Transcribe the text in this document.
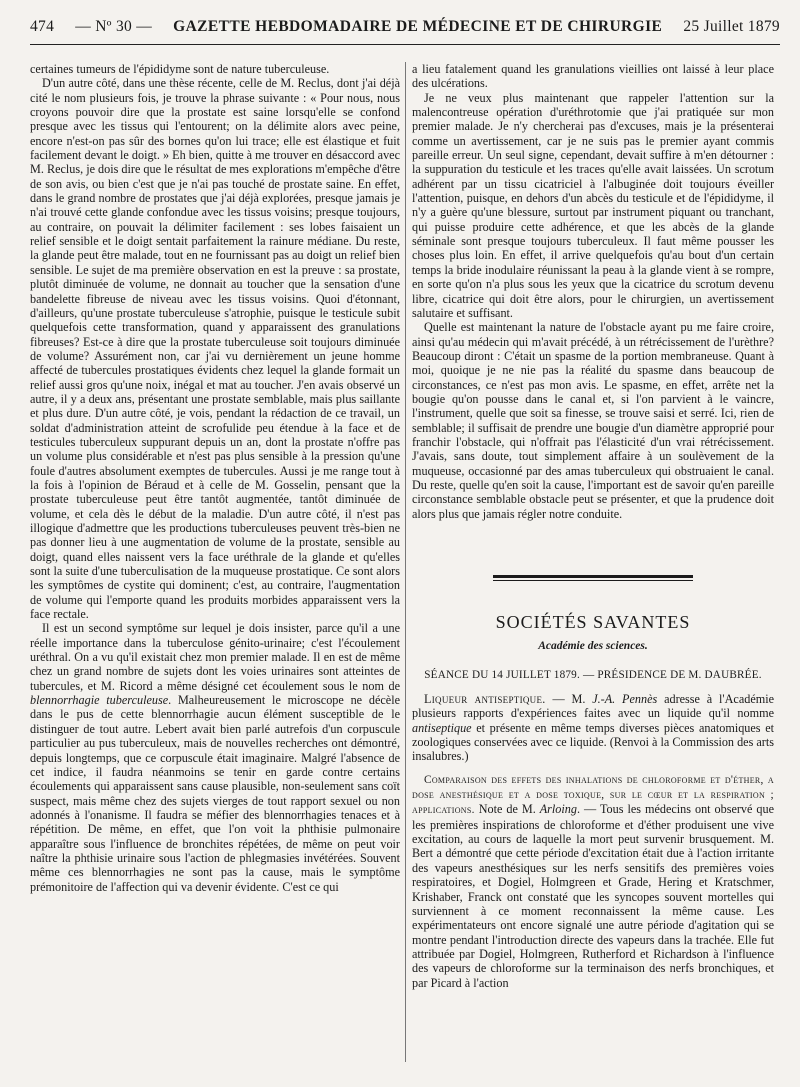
474 — Nº 30 — GAZETTE HEBDOMADAIRE DE MÉDECINE ET DE CHIRURGIE 25 Juillet 1879

certaines tumeurs de l'épididyme sont de nature tuberculeuse.

D'un autre côté, dans une thèse récente, celle de M. Reclus, dont j'ai déjà cité le nom plusieurs fois, je trouve la phrase suivante : « Pour nous, nous croyons pouvoir dire que la prostate est saine lorsqu'elle se confond presque avec les tissus qui l'entourent; on la délimite alors avec peine, encore n'est-on pas sûr des bornes qu'on lui trace; elle est élastique et fuit facilement devant le doigt. » Eh bien, quitte à me trouver en désaccord avec M. Reclus, je dois dire que le résultat de mes explorations m'empêche d'être de son avis, ou bien c'est que je n'ai pas touché de prostate saine. En effet, dans le grand nombre de prostates que j'ai déjà explorées, presque jamais je n'ai trouvé cette glande confondue avec les tissus voisins; presque toujours, au contraire, on pouvait la délimiter facilement : ses lobes faisaient un relief sensible et le doigt sentait parfaitement la rainure médiane. Du reste, la glande peut être malade, tout en ne fournissant pas au doigt un relief bien sensible. Le sujet de ma première observation en est la preuve : sa prostate, plutôt diminuée de volume, ne donnait au toucher que la sensation d'une bandelette fibreuse de niveau avec les tissus voisins. Quoi d'étonnant, d'ailleurs, qu'une prostate tuberculeuse s'atrophie, puisque le testicule subit quelquefois cette transformation, quand y apparaissent des granulations fibreuses? Est-ce à dire que la prostate tuberculeuse soit toujours diminuée de volume? Assurément non, car j'ai vu dernièrement un jeune homme affecté de tubercules prostatiques évidents chez lequel la glande formait un relief aussi gros qu'une noix, inégal et mat au toucher. J'en avais observé un autre, il y a deux ans, présentant une prostate semblable, mais plus saillante et plus dure. D'un autre côté, je vois, pendant la rédaction de ce travail, un soldat d'administration atteint de scrofulide peu étendue à la face et de testicules tuberculeux suppurant depuis un an, dont la prostate n'offre pas un volume plus considérable et n'est pas plus sensible à la pression qu'une foule d'autres absolument exemptes de tubercules. Aussi je me range tout à la fois à l'opinion de Béraud et à celle de M. Gosselin, pensant que la prostate tuberculeuse peut être tantôt augmentée, tantôt diminuée de volume, et cela dès le début de la maladie. D'un autre côté, il n'est pas illogique d'admettre que les productions tuberculeuses peuvent très-bien ne pas donner lieu à une augmentation de volume de la prostate, sensible au doigt, quand elles naissent vers la face uréthrale de la glande et qu'elles sont la suite d'une tuberculisation de la muqueuse prostatique. Ce sont alors les symptômes de cystite qui dominent; c'est, au contraire, l'augmentation de volume qui l'emporte quand les produits morbides apparaissent vers la face rectale.

Il est un second symptôme sur lequel je dois insister, parce qu'il a une réelle importance dans la tuberculose génito-urinaire; c'est l'écoulement uréthral. On a vu qu'il existait chez mon premier malade. Il en est de même chez un grand nombre de sujets dont les voies urinaires sont atteintes de tubercules, et M. Ricord a même désigné cet écoulement sous le nom de blennorrhagie tuberculeuse. Malheureusement le microscope ne décèle dans le pus de cette blennorrhagie aucun élément susceptible de le distinguer de tout autre. Lebert avait bien parlé autrefois d'un corpuscule particulier au pus tuberculeux, mais de nouvelles recherches ont démontré, depuis longtemps, que ce corpuscule était imaginaire. Malgré l'absence de cet indice, il faudra néanmoins se tenir en garde contre certains écoulements qui apparaissent sans cause plausible, non-seulement sans coït suspect, mais même chez des sujets vierges de tout rapport sexuel ou non adonnés à l'onanisme. Il faudra se méfier des blennorrhagies tenaces et à répétition. De même, en effet, que l'on voit la phthisie pulmonaire apparaître sous l'influence de bronchites répétées, de même on peut voir naître la phthisie urinaire sous l'action de phlegmasies invétérées. Souvent même ces blennorrhagies ne sont pas la cause, mais le symptôme prémonitoire de l'affection qui va devenir évidente. C'est ce qui

a lieu fatalement quand les granulations vieillies ont laissé à leur place des ulcérations.

Je ne veux plus maintenant que rappeler l'attention sur la malencontreuse opération d'uréthrotomie que j'ai pratiquée sur mon premier malade. Je n'y chercherai pas d'excuses, mais je la présenterai comme un avertissement, car je ne suis pas le premier ayant commis pareille erreur. Un seul signe, cependant, devait suffire à m'en détourner : la suppuration du testicule et les traces qu'elle avait laissées. Un scrotum adhérent par un tissu cicatriciel à l'albuginée doit toujours éveiller l'attention, puisque, en dehors d'un abcès du testicule et de l'épididyme, il n'y a guère qu'une blessure, surtout par instrument piquant ou tranchant, qui puisse produire cette adhérence, et que les abcès de la glande séminale sont presque toujours tuberculeux. Il faut même pousser les choses plus loin. En effet, il arrive quelquefois qu'au bout d'un certain temps la bride inodulaire réunissant la peau à la glande vient à se rompre, en sorte qu'on n'a plus sous les yeux que la cicatrice du scrotum devenu libre, cicatrice qui doit être alors, pour le chirurgien, un avertissement salutaire et suffisant.

Quelle est maintenant la nature de l'obstacle ayant pu me faire croire, ainsi qu'au médecin qui m'avait précédé, à un rétrécissement de l'urèthre? Beaucoup diront : C'était un spasme de la portion membraneuse. Quant à moi, quoique je ne nie pas la réalité du spasme dans beaucoup de circonstances, ce n'est pas mon avis. Le spasme, en effet, arrête net la bougie qu'on pousse dans le canal et, si l'on parvient à le vaincre, l'instrument, quelle que soit sa finesse, se trouve saisi et serré. Ici, rien de semblable; il suffisait de prendre une bougie d'un diamètre approprié pour franchir l'obstacle, qui n'offrait pas l'élasticité d'un vrai rétrécissement. J'avais, sans doute, tout simplement affaire à un soulèvement de la muqueuse, occasionné par des amas tuberculeux qui obstruaient le canal. Du reste, quelle qu'en soit la cause, l'important est de savoir qu'en pareille circonstance semblable obstacle peut se présenter, et que la prudence doit alors plus que jamais régler notre conduite.

SOCIÉTÉS SAVANTES
Académie des sciences.
SÉANCE DU 14 JUILLET 1879. — PRÉSIDENCE DE M. DAUBRÉE.

Liqueur antiseptique. — M. J.-A. Pennès adresse à l'Académie plusieurs rapports d'expériences faites avec un liquide qu'il nomme antiseptique et présente en même temps diverses pièces anatomiques et zoologiques conservées avec ce liquide. (Renvoi à la Commission des arts insalubres.)

Comparaison des effets des inhalations de chloroforme et d'éther, a dose anesthésique et a dose toxique, sur le cœur et la respiration ; applications. Note de M. Arloing. — Tous les médecins ont observé que les premières inspirations de chloroforme et d'éther produisent une vive excitation, au cours de laquelle la mort peut survenir brusquement. M. Bert a démontré que cette période d'excitation était due à l'action irritante des vapeurs anesthésiques sur les nerfs sensitifs des premières voies respiratoires, et Dogiel, Holmgreen et Grade, Hering et Kratschmer, Krishaber, Franck ont constaté que les syncopes souvent mortelles qui surviennent à ce moment reconnaissent la même cause. Les expérimentateurs ont encore signalé une autre période d'agitation qui se montre pendant l'introduction directe des vapeurs dans la trachée. Elle fut attribuée par Dogiel, Holmgreen, Rutherford et Richardson à l'influence des vapeurs de chloroforme sur la terminaison des nerfs bronchiques, et par Picard à l'action
